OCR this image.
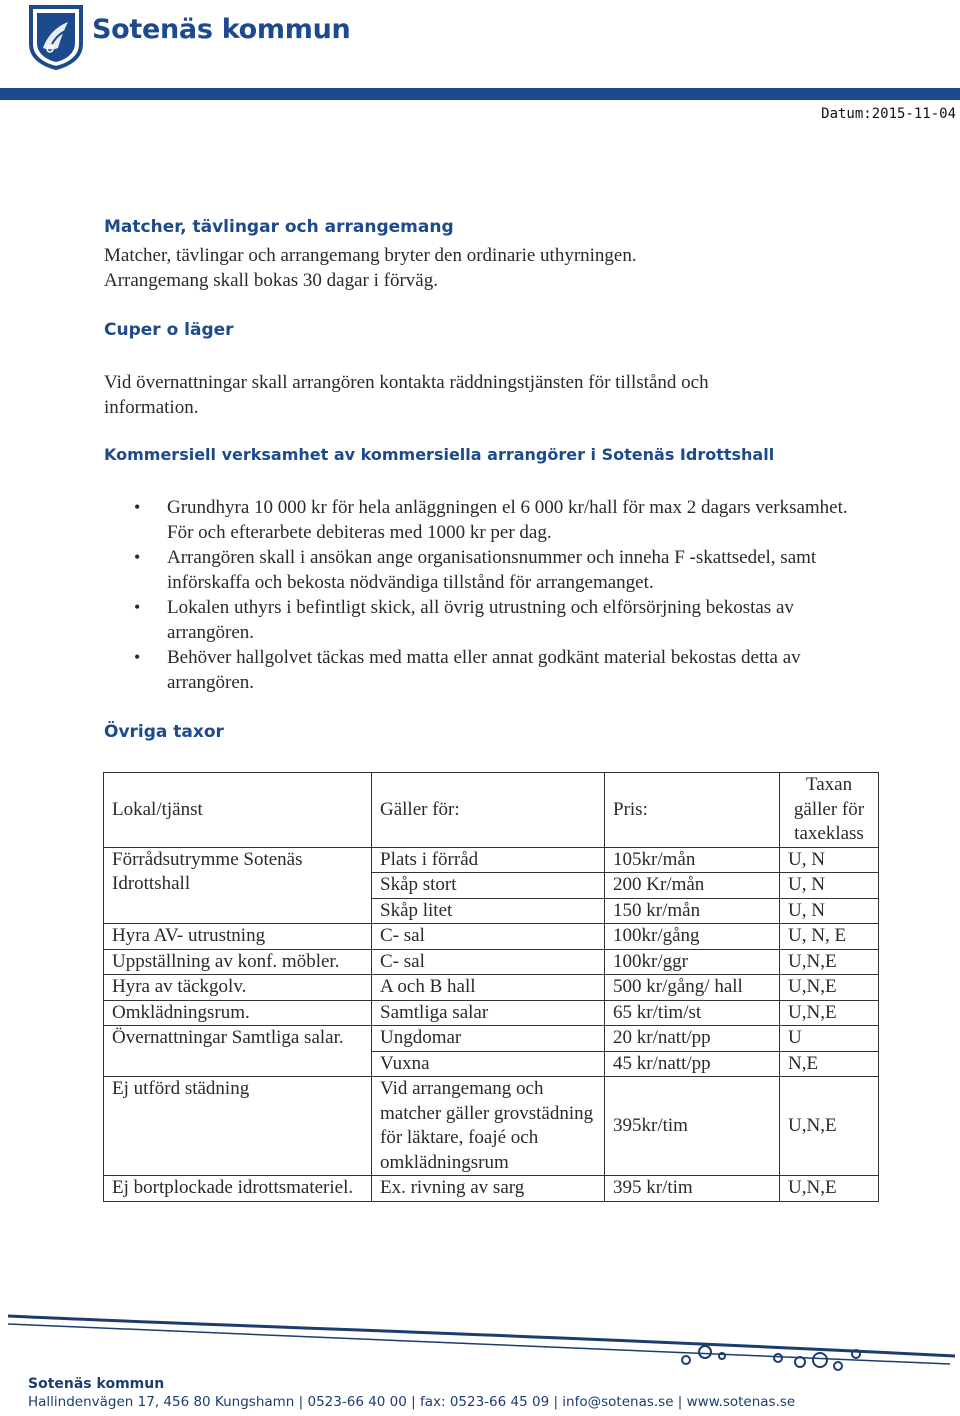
Sotenäs kommun
Datum:2015-11-04
Matcher, tävlingar och arrangemang
Matcher, tävlingar och arrangemang bryter den ordinarie uthyrningen.
Arrangemang skall bokas 30 dagar i förväg.
Cuper o läger
Vid övernattningar skall arrangören kontakta räddningstjänsten för tillstånd och information.
Kommersiell verksamhet av kommersiella arrangörer i Sotenäs Idrottshall
• Grundhyra 10 000 kr för hela anläggningen el 6 000 kr/hall för max 2 dagars verksamhet. För och efterarbete debiteras med 1000 kr per dag.
• Arrangören skall i ansökan ange organisationsnummer och inneha F -skattsedel, samt införskaffa och bekosta nödvändiga tillstånd för arrangemanget.
• Lokalen uthyrs i befintligt skick, all övrig utrustning och elförsörjning bekostas av arrangören.
• Behöver hallgolvet täckas med matta eller annat godkänt material bekostas detta av arrangören.
Övriga taxor
Lokal/tjänst	Gäller för:	Pris:	Taxan gäller för taxeklass
Förrådsutrymme Sotenäs Idrottshall	Plats i förråd	105kr/mån	U, N
	Skåp stort	200 Kr/mån	U, N
	Skåp litet	150 kr/mån	U, N
Hyra AV- utrustning	C- sal	100kr/gång	U, N, E
Uppställning av konf. möbler.	C- sal	100kr/ggr	U,N,E
Hyra av täckgolv.	A och B hall	500 kr/gång/ hall	U,N,E
Omklädningsrum.	Samtliga salar	65 kr/tim/st	U,N,E
Övernattningar Samtliga salar.	Ungdomar	20 kr/natt/pp	U
	Vuxna	45 kr/natt/pp	N,E
Ej utförd städning	Vid arrangemang och matcher gäller grovstädning för läktare, foajé och omklädningsrum	395kr/tim	U,N,E
Ej bortplockade idrottsmateriel.	Ex. rivning av sarg	395 kr/tim	U,N,E
Sotenäs kommun
Hallindenvägen 17, 456 80 Kungshamn | 0523-66 40 00 | fax: 0523-66 45 09 | info@sotenas.se | www.sotenas.se
